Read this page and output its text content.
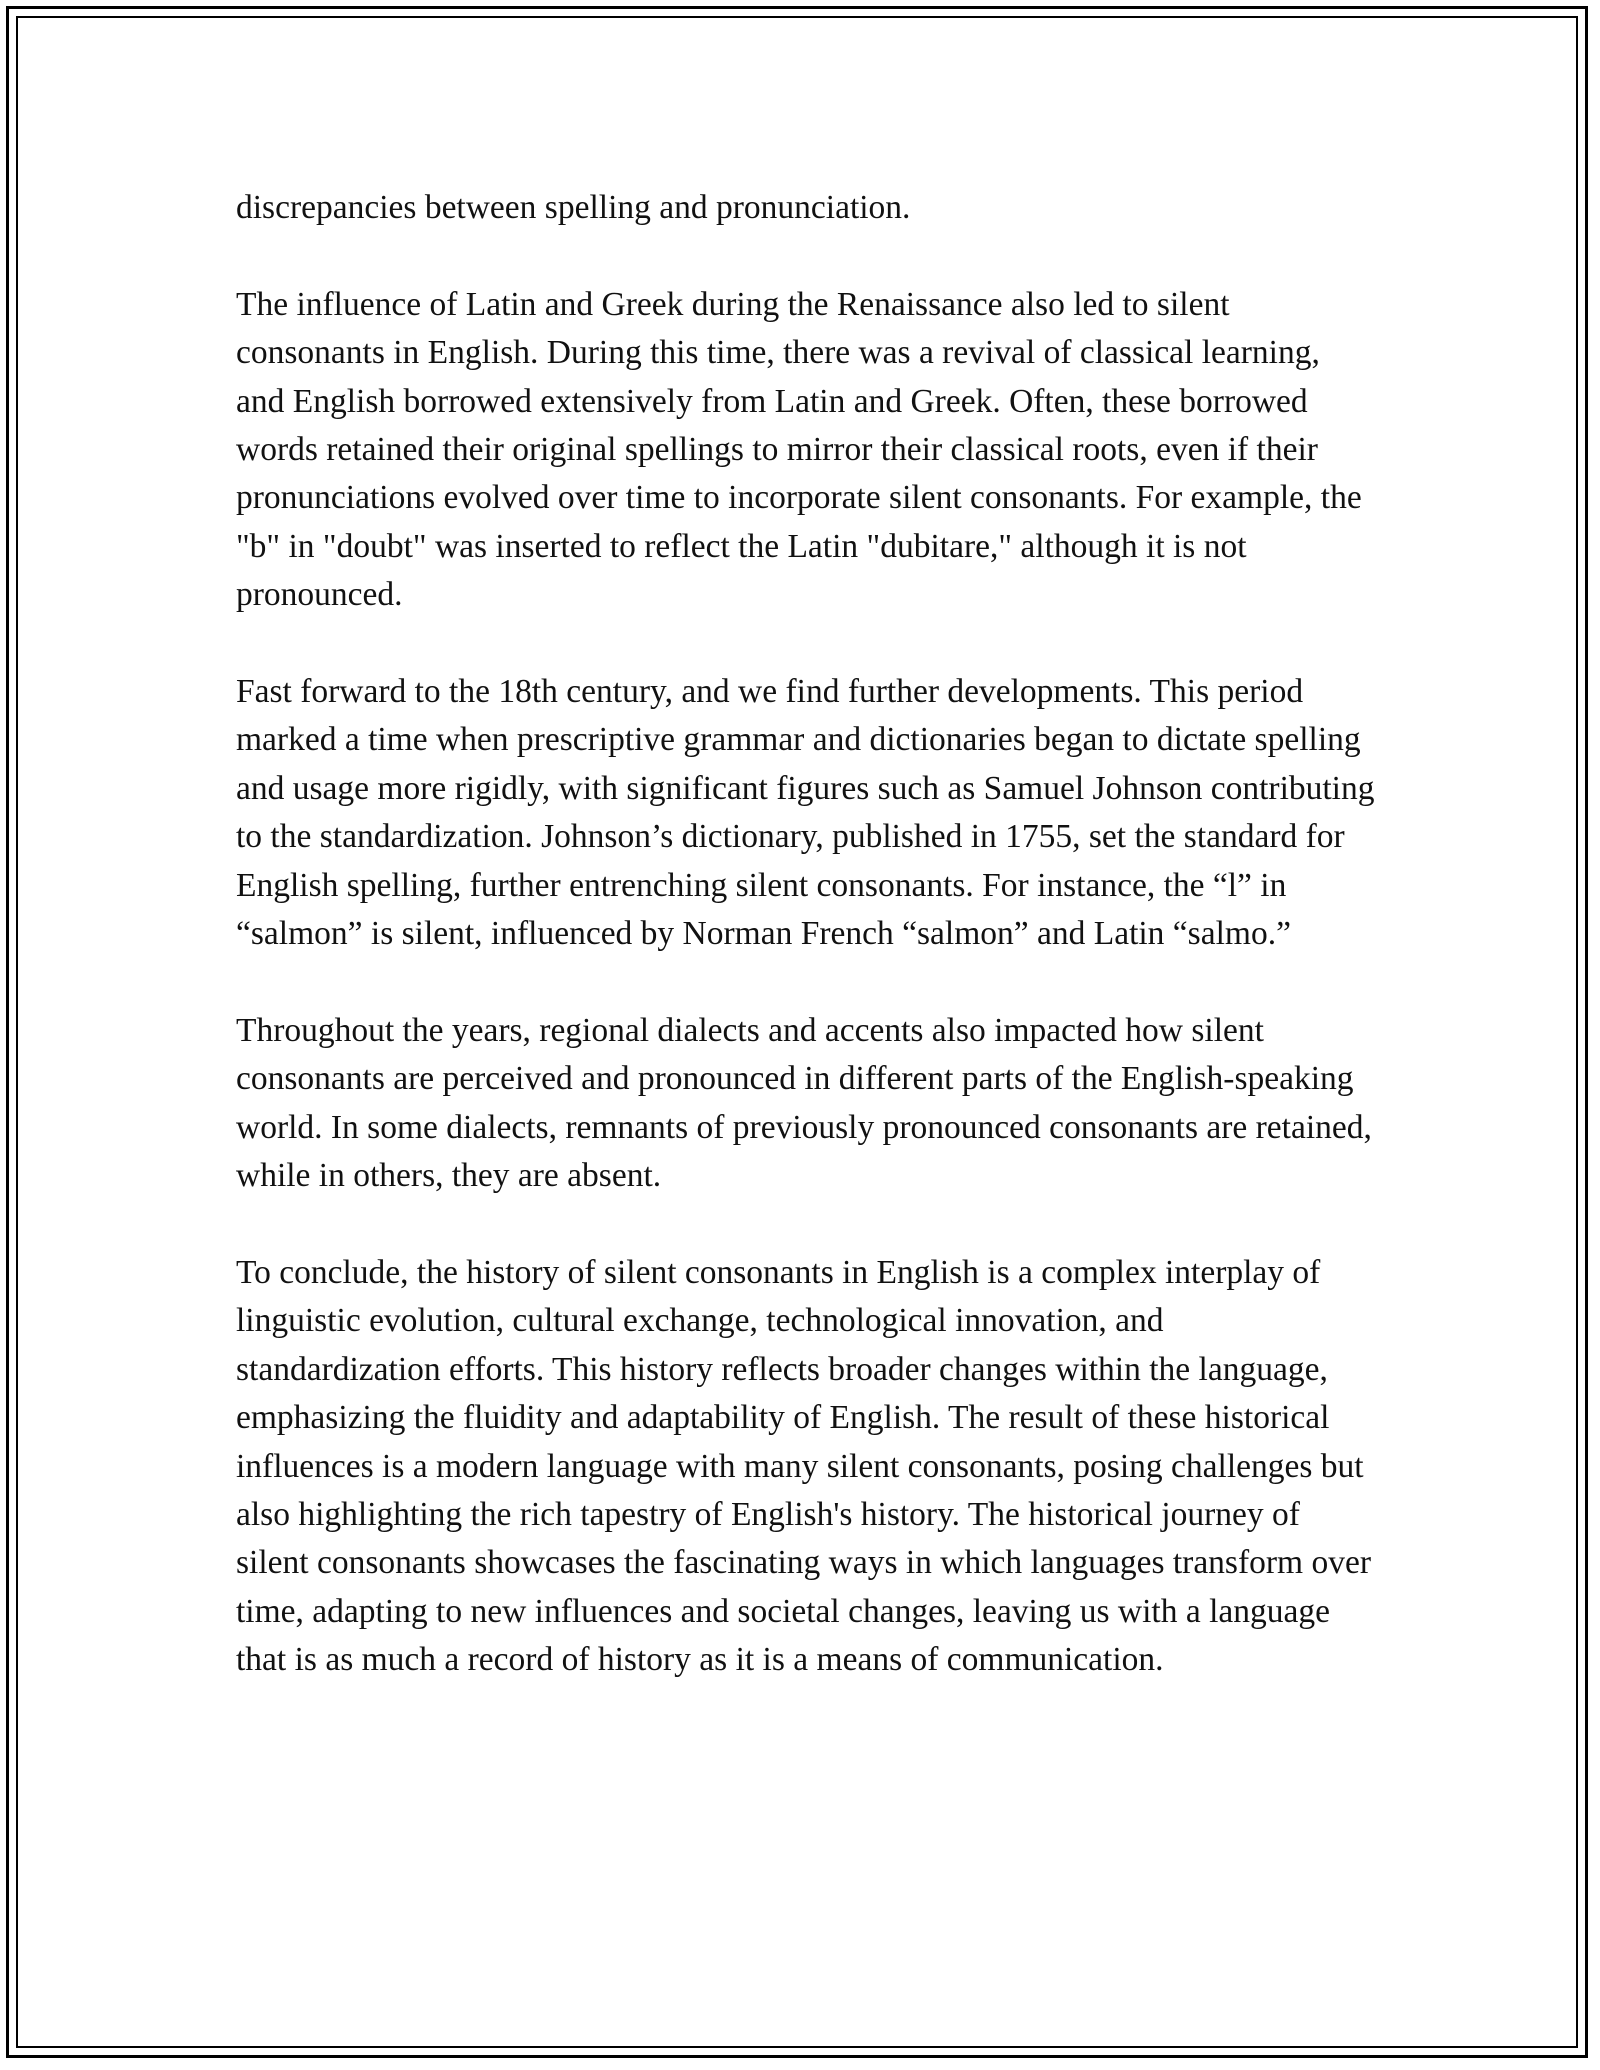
discrepancies between spelling and pronunciation.

The influence of Latin and Greek during the Renaissance also led to silent consonants in English. During this time, there was a revival of classical learning, and English borrowed extensively from Latin and Greek. Often, these borrowed words retained their original spellings to mirror their classical roots, even if their pronunciations evolved over time to incorporate silent consonants. For example, the "b" in "doubt" was inserted to reflect the Latin "dubitare," although it is not pronounced.

Fast forward to the 18th century, and we find further developments. This period marked a time when prescriptive grammar and dictionaries began to dictate spelling and usage more rigidly, with significant figures such as Samuel Johnson contributing to the standardization. Johnson’s dictionary, published in 1755, set the standard for English spelling, further entrenching silent consonants. For instance, the “l” in “salmon” is silent, influenced by Norman French “salmon” and Latin “salmo.”

Throughout the years, regional dialects and accents also impacted how silent consonants are perceived and pronounced in different parts of the English-speaking world. In some dialects, remnants of previously pronounced consonants are retained, while in others, they are absent.

To conclude, the history of silent consonants in English is a complex interplay of linguistic evolution, cultural exchange, technological innovation, and standardization efforts. This history reflects broader changes within the language, emphasizing the fluidity and adaptability of English. The result of these historical influences is a modern language with many silent consonants, posing challenges but also highlighting the rich tapestry of English's history. The historical journey of silent consonants showcases the fascinating ways in which languages transform over time, adapting to new influences and societal changes, leaving us with a language that is as much a record of history as it is a means of communication.
